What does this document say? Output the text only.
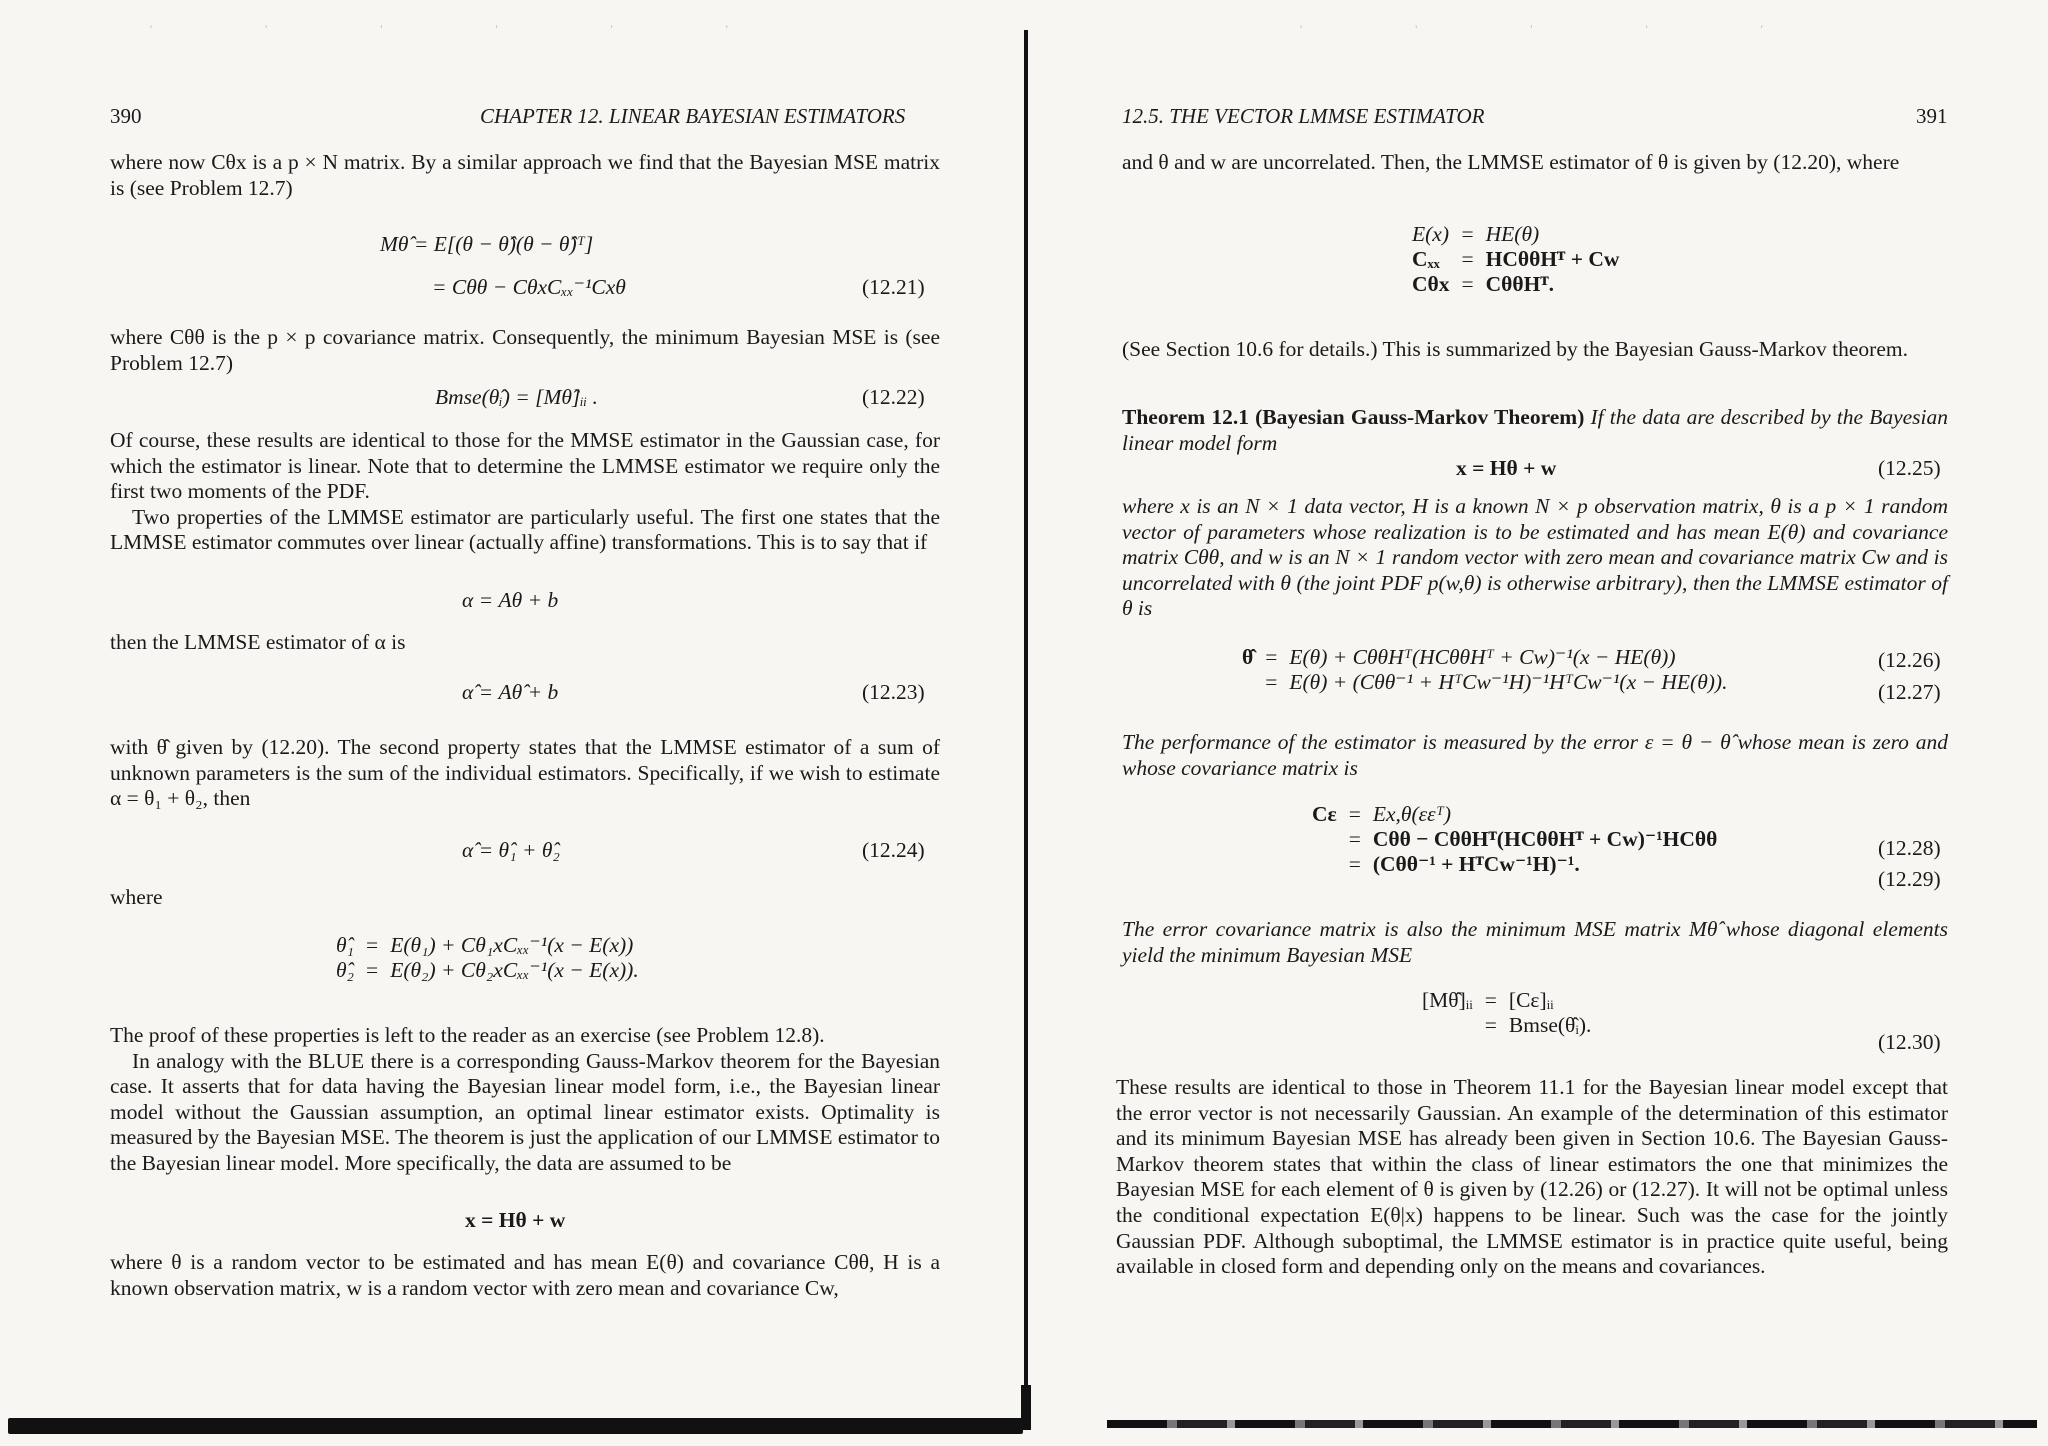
' ' ' ' ' '	' ' ' ' '
390	CHAPTER 12. LINEAR BAYESIAN ESTIMATORS

where now Cθx is a p × N matrix. By a similar approach we find that the Bayesian MSE matrix is (see Problem 12.7)

Mθ̂ = E[(θ − θ̂)(θ − θ̂)ᵀ]
= Cθθ − CθxCₓₓ⁻¹Cxθ	(12.21)

where Cθθ is the p × p covariance matrix. Consequently, the minimum Bayesian MSE is (see Problem 12.7)

Bmse(θ̂ᵢ) = [Mθ̂]ᵢᵢ .	(12.22)

Of course, these results are identical to those for the MMSE estimator in the Gaussian case, for which the estimator is linear. Note that to determine the LMMSE estimator we require only the first two moments of the PDF.

Two properties of the LMMSE estimator are particularly useful. The first one states that the LMMSE estimator commutes over linear (actually affine) transformations. This is to say that if

α = Aθ + b

then the LMMSE estimator of α is

α̂ = Aθ̂ + b	(12.23)

with θ̂ given by (12.20). The second property states that the LMMSE estimator of a sum of unknown parameters is the sum of the individual estimators. Specifically, if we wish to estimate α = θ₁ + θ₂, then

α̂ = θ̂₁ + θ̂₂	(12.24)

where

θ̂₁	=	E(θ₁) + Cθ₁xCₓₓ⁻¹(x − E(x))
θ̂₂	=	E(θ₂) + Cθ₂xCₓₓ⁻¹(x − E(x)).

The proof of these properties is left to the reader as an exercise (see Problem 12.8).

In analogy with the BLUE there is a corresponding Gauss-Markov theorem for the Bayesian case. It asserts that for data having the Bayesian linear model form, i.e., the Bayesian linear model without the Gaussian assumption, an optimal linear estimator exists. Optimality is measured by the Bayesian MSE. The theorem is just the application of our LMMSE estimator to the Bayesian linear model. More specifically, the data are assumed to be

x = Hθ + w

where θ is a random vector to be estimated and has mean E(θ) and covariance Cθθ, H is a known observation matrix, w is a random vector with zero mean and covariance Cw,

12.5. THE VECTOR LMMSE ESTIMATOR	391

and θ and w are uncorrelated. Then, the LMMSE estimator of θ is given by (12.20), where

E(x)	=	HE(θ)
Cₓₓ	=	HCθθHᵀ + Cw
Cθx	=	CθθHᵀ.

(See Section 10.6 for details.) This is summarized by the Bayesian Gauss-Markov theorem.

Theorem 12.1 (Bayesian Gauss-Markov Theorem) If the data are described by the Bayesian linear model form

x = Hθ + w	(12.25)

where x is an N × 1 data vector, H is a known N × p observation matrix, θ is a p × 1 random vector of parameters whose realization is to be estimated and has mean E(θ) and covariance matrix Cθθ, and w is an N × 1 random vector with zero mean and covariance matrix Cw and is uncorrelated with θ (the joint PDF p(w,θ) is otherwise arbitrary), then the LMMSE estimator of θ is

θ̂	=	E(θ) + CθθHᵀ(HCθθHᵀ + Cw)⁻¹(x − HE(θ))
	=	E(θ) + (Cθθ⁻¹ + HᵀCw⁻¹H)⁻¹HᵀCw⁻¹(x − HE(θ)).
(12.26)
(12.27)

The performance of the estimator is measured by the error ε = θ − θ̂ whose mean is zero and whose covariance matrix is

Cε	=	Ex,θ(εεᵀ)
	=	Cθθ − CθθHᵀ(HCθθHᵀ + Cw)⁻¹HCθθ
	=	(Cθθ⁻¹ + HᵀCw⁻¹H)⁻¹.
(12.28)
(12.29)

The error covariance matrix is also the minimum MSE matrix Mθ̂ whose diagonal elements yield the minimum Bayesian MSE

[Mθ̂]ᵢᵢ	=	[Cε]ᵢᵢ
	=	Bmse(θ̂ᵢ).
(12.30)

These results are identical to those in Theorem 11.1 for the Bayesian linear model except that the error vector is not necessarily Gaussian. An example of the determination of this estimator and its minimum Bayesian MSE has already been given in Section 10.6. The Bayesian Gauss-Markov theorem states that within the class of linear estimators the one that minimizes the Bayesian MSE for each element of θ is given by (12.26) or (12.27). It will not be optimal unless the conditional expectation E(θ|x) happens to be linear. Such was the case for the jointly Gaussian PDF. Although suboptimal, the LMMSE estimator is in practice quite useful, being available in closed form and depending only on the means and covariances.
